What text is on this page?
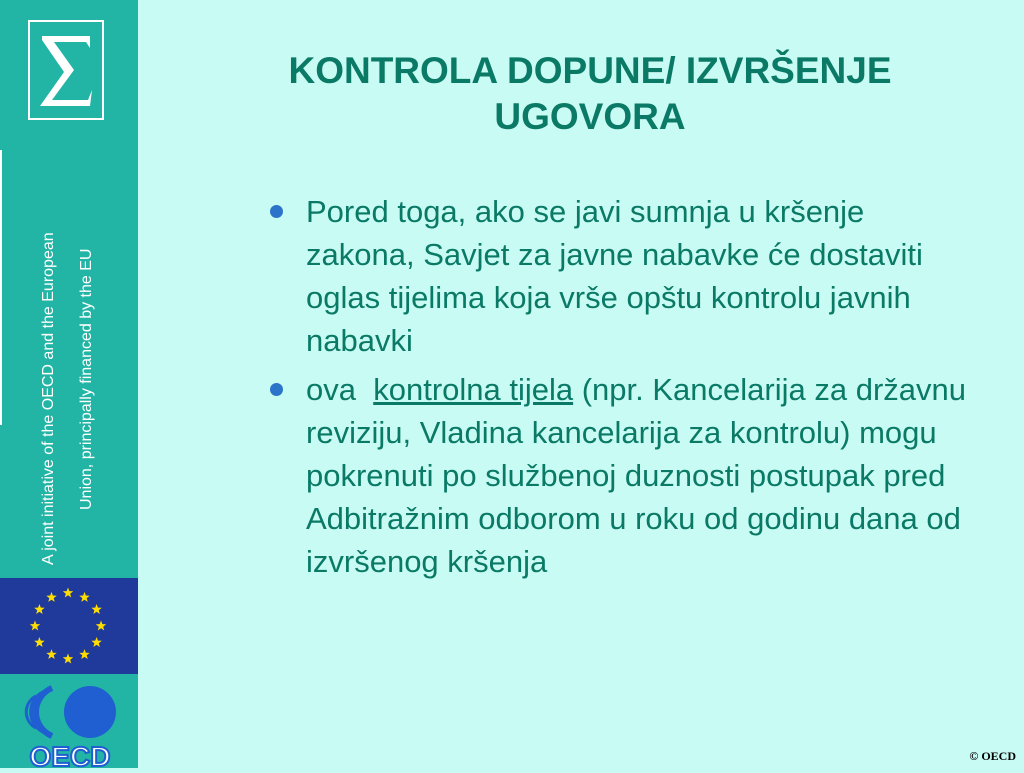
A joint initiative of the OECD and the European Union, principally financed by the EU
OECD
KONTROLA DOPUNE/ IZVRŠENJE
UGOVORA
Pored toga, ako se javi sumnja u kršenje zakona, Savjet za javne nabavke će dostaviti oglas tijelima koja vrše opštu kontrolu javnih nabavki
ova  kontrolna tijela (npr. Kancelarija za državnu reviziju, Vladina kancelarija za kontrolu) mogu pokrenuti po službenoj duznosti postupak pred Adbitražnim odborom u roku od godinu dana od izvršenog kršenja
© OECD
